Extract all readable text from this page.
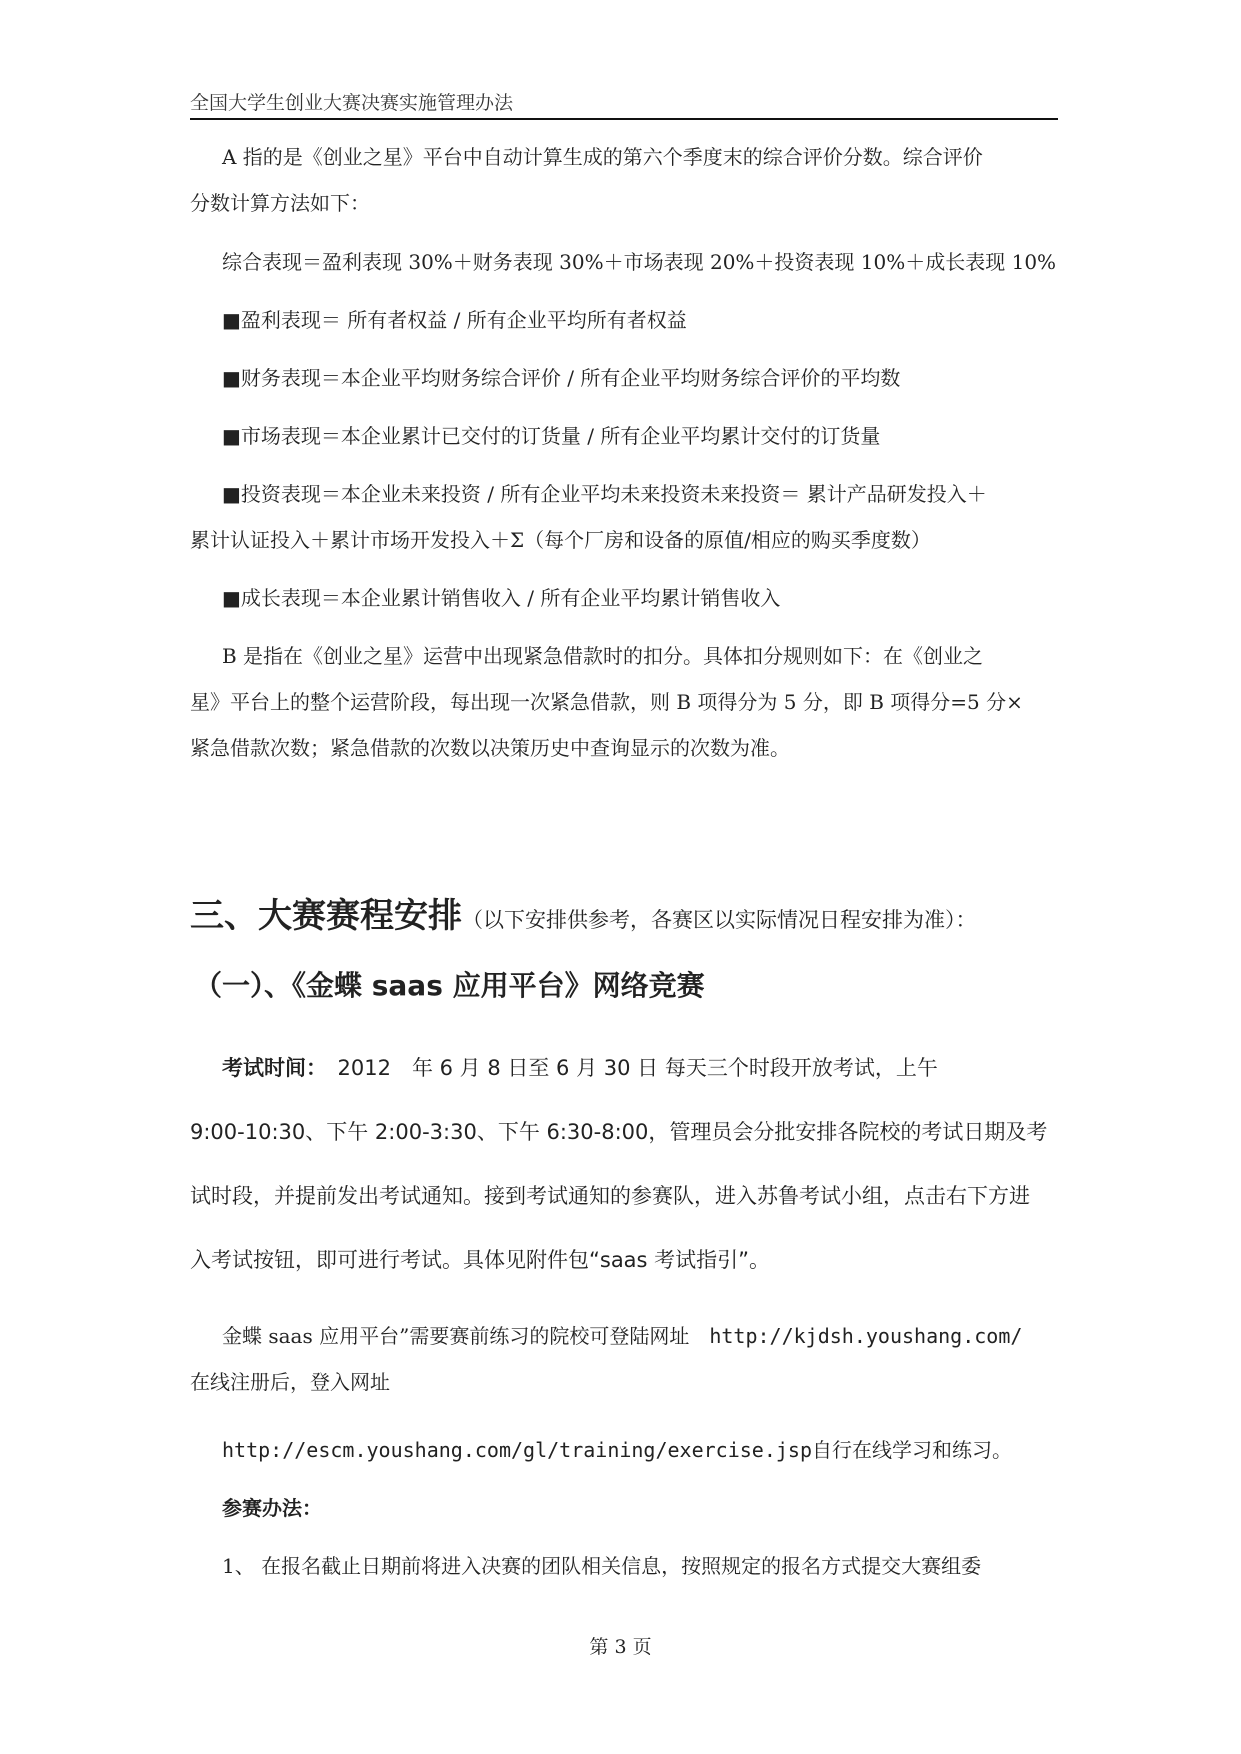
全国大学生创业大赛决赛实施管理办法

A 指的是《创业之星》平台中自动计算生成的第六个季度末的综合评价分数。综合评价

分数计算方法如下：

综合表现＝盈利表现 30%＋财务表现 30%＋市场表现 20%＋投资表现 10%＋成长表现 10%

■盈利表现＝ 所有者权益 / 所有企业平均所有者权益

■财务表现＝本企业平均财务综合评价 / 所有企业平均财务综合评价的平均数

■市场表现＝本企业累计已交付的订货量 / 所有企业平均累计交付的订货量

■投资表现＝本企业未来投资 / 所有企业平均未来投资未来投资＝ 累计产品研发投入＋

累计认证投入＋累计市场开发投入＋Σ（每个厂房和设备的原值/相应的购买季度数）

■成长表现＝本企业累计销售收入 / 所有企业平均累计销售收入

B 是指在《创业之星》运营中出现紧急借款时的扣分。具体扣分规则如下：在《创业之

星》平台上的整个运营阶段，每出现一次紧急借款，则 B 项得分为 5 分，即 B 项得分=5 分×

紧急借款次数；紧急借款的次数以决策历史中查询显示的次数为准。

三、大赛赛程安排（以下安排供参考，各赛区以实际情况日程安排为准）：

（一）、《金蝶 saas 应用平台》网络竞赛

考试时间：　2012　年 6 月 8 日至 6 月 30 日 每天三个时段开放考试，上午

9:00-10:30、下午 2:00-3:30、下午 6:30-8:00，管理员会分批安排各院校的考试日期及考

试时段，并提前发出考试通知。接到考试通知的参赛队，进入苏鲁考试小组，点击右下方进

入考试按钮，即可进行考试。具体见附件包“saas 考试指引”。

金蝶 saas 应用平台”需要赛前练习的院校可登陆网址　http://kjdsh.youshang.com/

在线注册后，登入网址

http://escm.youshang.com/gl/training/exercise.jsp自行在线学习和练习。

参赛办法：

1、 在报名截止日期前将进入决赛的团队相关信息，按照规定的报名方式提交大赛组委

第 3 页
